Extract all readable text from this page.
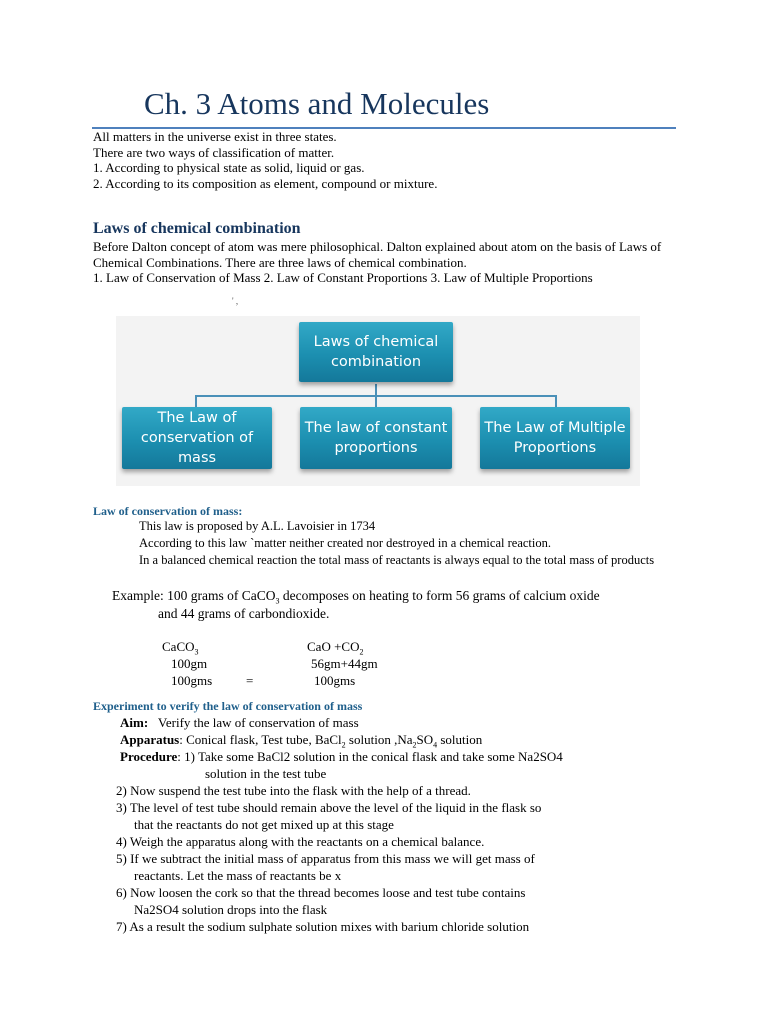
Ch. 3 Atoms and Molecules
All matters in the universe exist in three states.
There are two ways of classification of matter.
1. According to physical state as solid, liquid or gas.
2. According to its composition as element, compound or mixture.
Laws of chemical combination
Before Dalton concept of atom was mere philosophical. Dalton explained about atom on the basis of Laws of Chemical Combinations. There are three laws of chemical combination.
1. Law of Conservation of Mass 2. Law of Constant Proportions 3. Law of Multiple Proportions
' ,
Laws of chemical
combination
The Law of
conservation of
mass
The law of constant
proportions
The Law of Multiple
Proportions
Law of conservation of mass:
This law is proposed by A.L. Lavoisier in 1734
According to this law `matter neither created nor destroyed in a chemical reaction.
In a balanced chemical reaction the total mass of reactants is always equal to the total mass of products
Example: 100 grams of CaCO$_3$ decomposes on heating to form 56 grams of calcium oxide
and 44 grams of carbondioxide.
CaCO$_3$	CaO $+CO_2$
100gm	56gm+44gm
100gms	=	100gms
Experiment to verify the law of conservation of mass
Aim: Verify the law of conservation of mass
Apparatus: Conical flask, Test tube, BaCl$_2$ solution $,Na_2SO_4$ solution
Procedure: 1) Take some BaCl2 solution in the conical flask and take some Na2SO4
solution in the test tube
2) Now suspend the test tube into the flask with the help of a thread.
3) The level of test tube should remain above the level of the liquid in the flask so
that the reactants do not get mixed up at this stage
4) Weigh the apparatus along with the reactants on a chemical balance.
5) If we subtract the initial mass of apparatus from this mass we will get mass of
reactants. Let the mass of reactants be x
6) Now loosen the cork so that the thread becomes loose and test tube contains
Na2SO4 solution drops into the flask
7) As a result the sodium sulphate solution mixes with barium chloride solution
